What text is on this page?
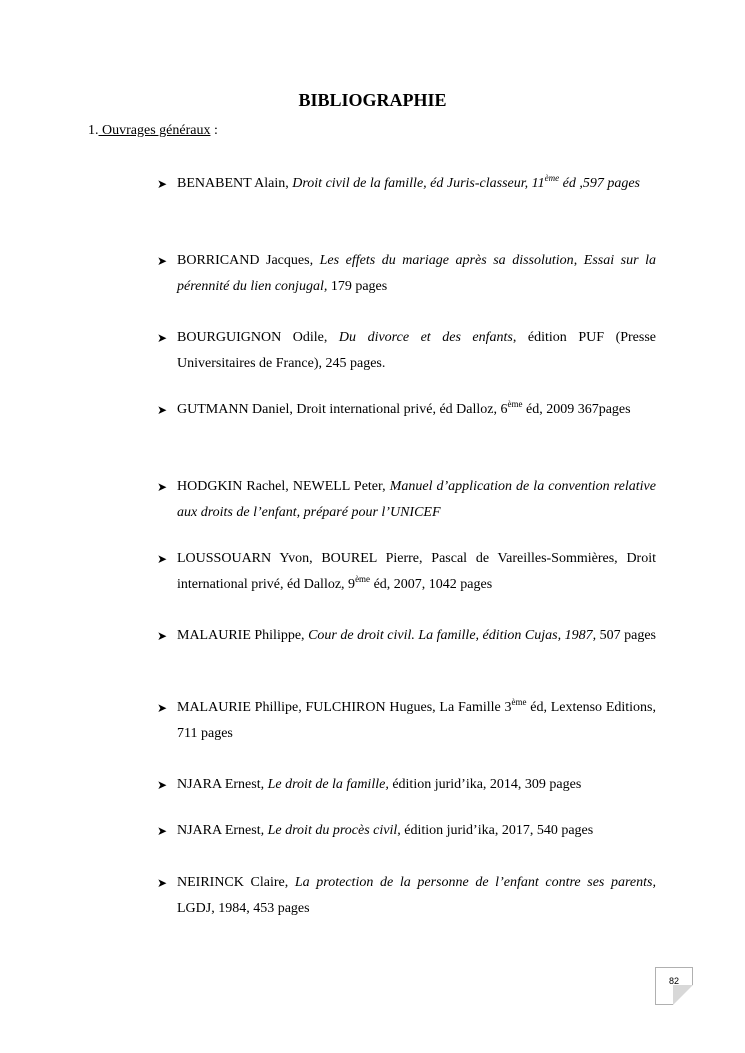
BIBLIOGRAPHIE
1. Ouvrages généraux :
➤ BENABENT Alain, Droit civil de la famille, éd Juris-classeur, 11ème éd ,597 pages
➤ BORRICAND Jacques, Les effets du mariage après sa dissolution, Essai sur la pérennité du lien conjugal, 179 pages
➤ BOURGUIGNON Odile, Du divorce et des enfants, édition PUF (Presse Universitaires de France), 245 pages.
➤ GUTMANN Daniel, Droit international privé, éd Dalloz, 6ème éd, 2009 367pages
➤ HODGKIN Rachel, NEWELL Peter, Manuel d’application de la convention relative aux droits de l’enfant, préparé pour l’UNICEF
➤ LOUSSOUARN Yvon, BOUREL Pierre, Pascal de Vareilles-Sommières, Droit international privé, éd Dalloz, 9ème éd, 2007, 1042 pages
➤ MALAURIE Philippe, Cour de droit civil. La famille, édition Cujas, 1987, 507 pages
➤ MALAURIE Phillipe, FULCHIRON Hugues, La Famille 3ème éd, Lextenso Editions, 711 pages
➤ NJARA Ernest, Le droit de la famille, édition jurid’ika, 2014, 309 pages
➤ NJARA Ernest, Le droit du procès civil, édition jurid’ika, 2017, 540 pages
➤ NEIRINCK Claire, La protection de la personne de l’enfant contre ses parents, LGDJ, 1984, 453 pages
82
